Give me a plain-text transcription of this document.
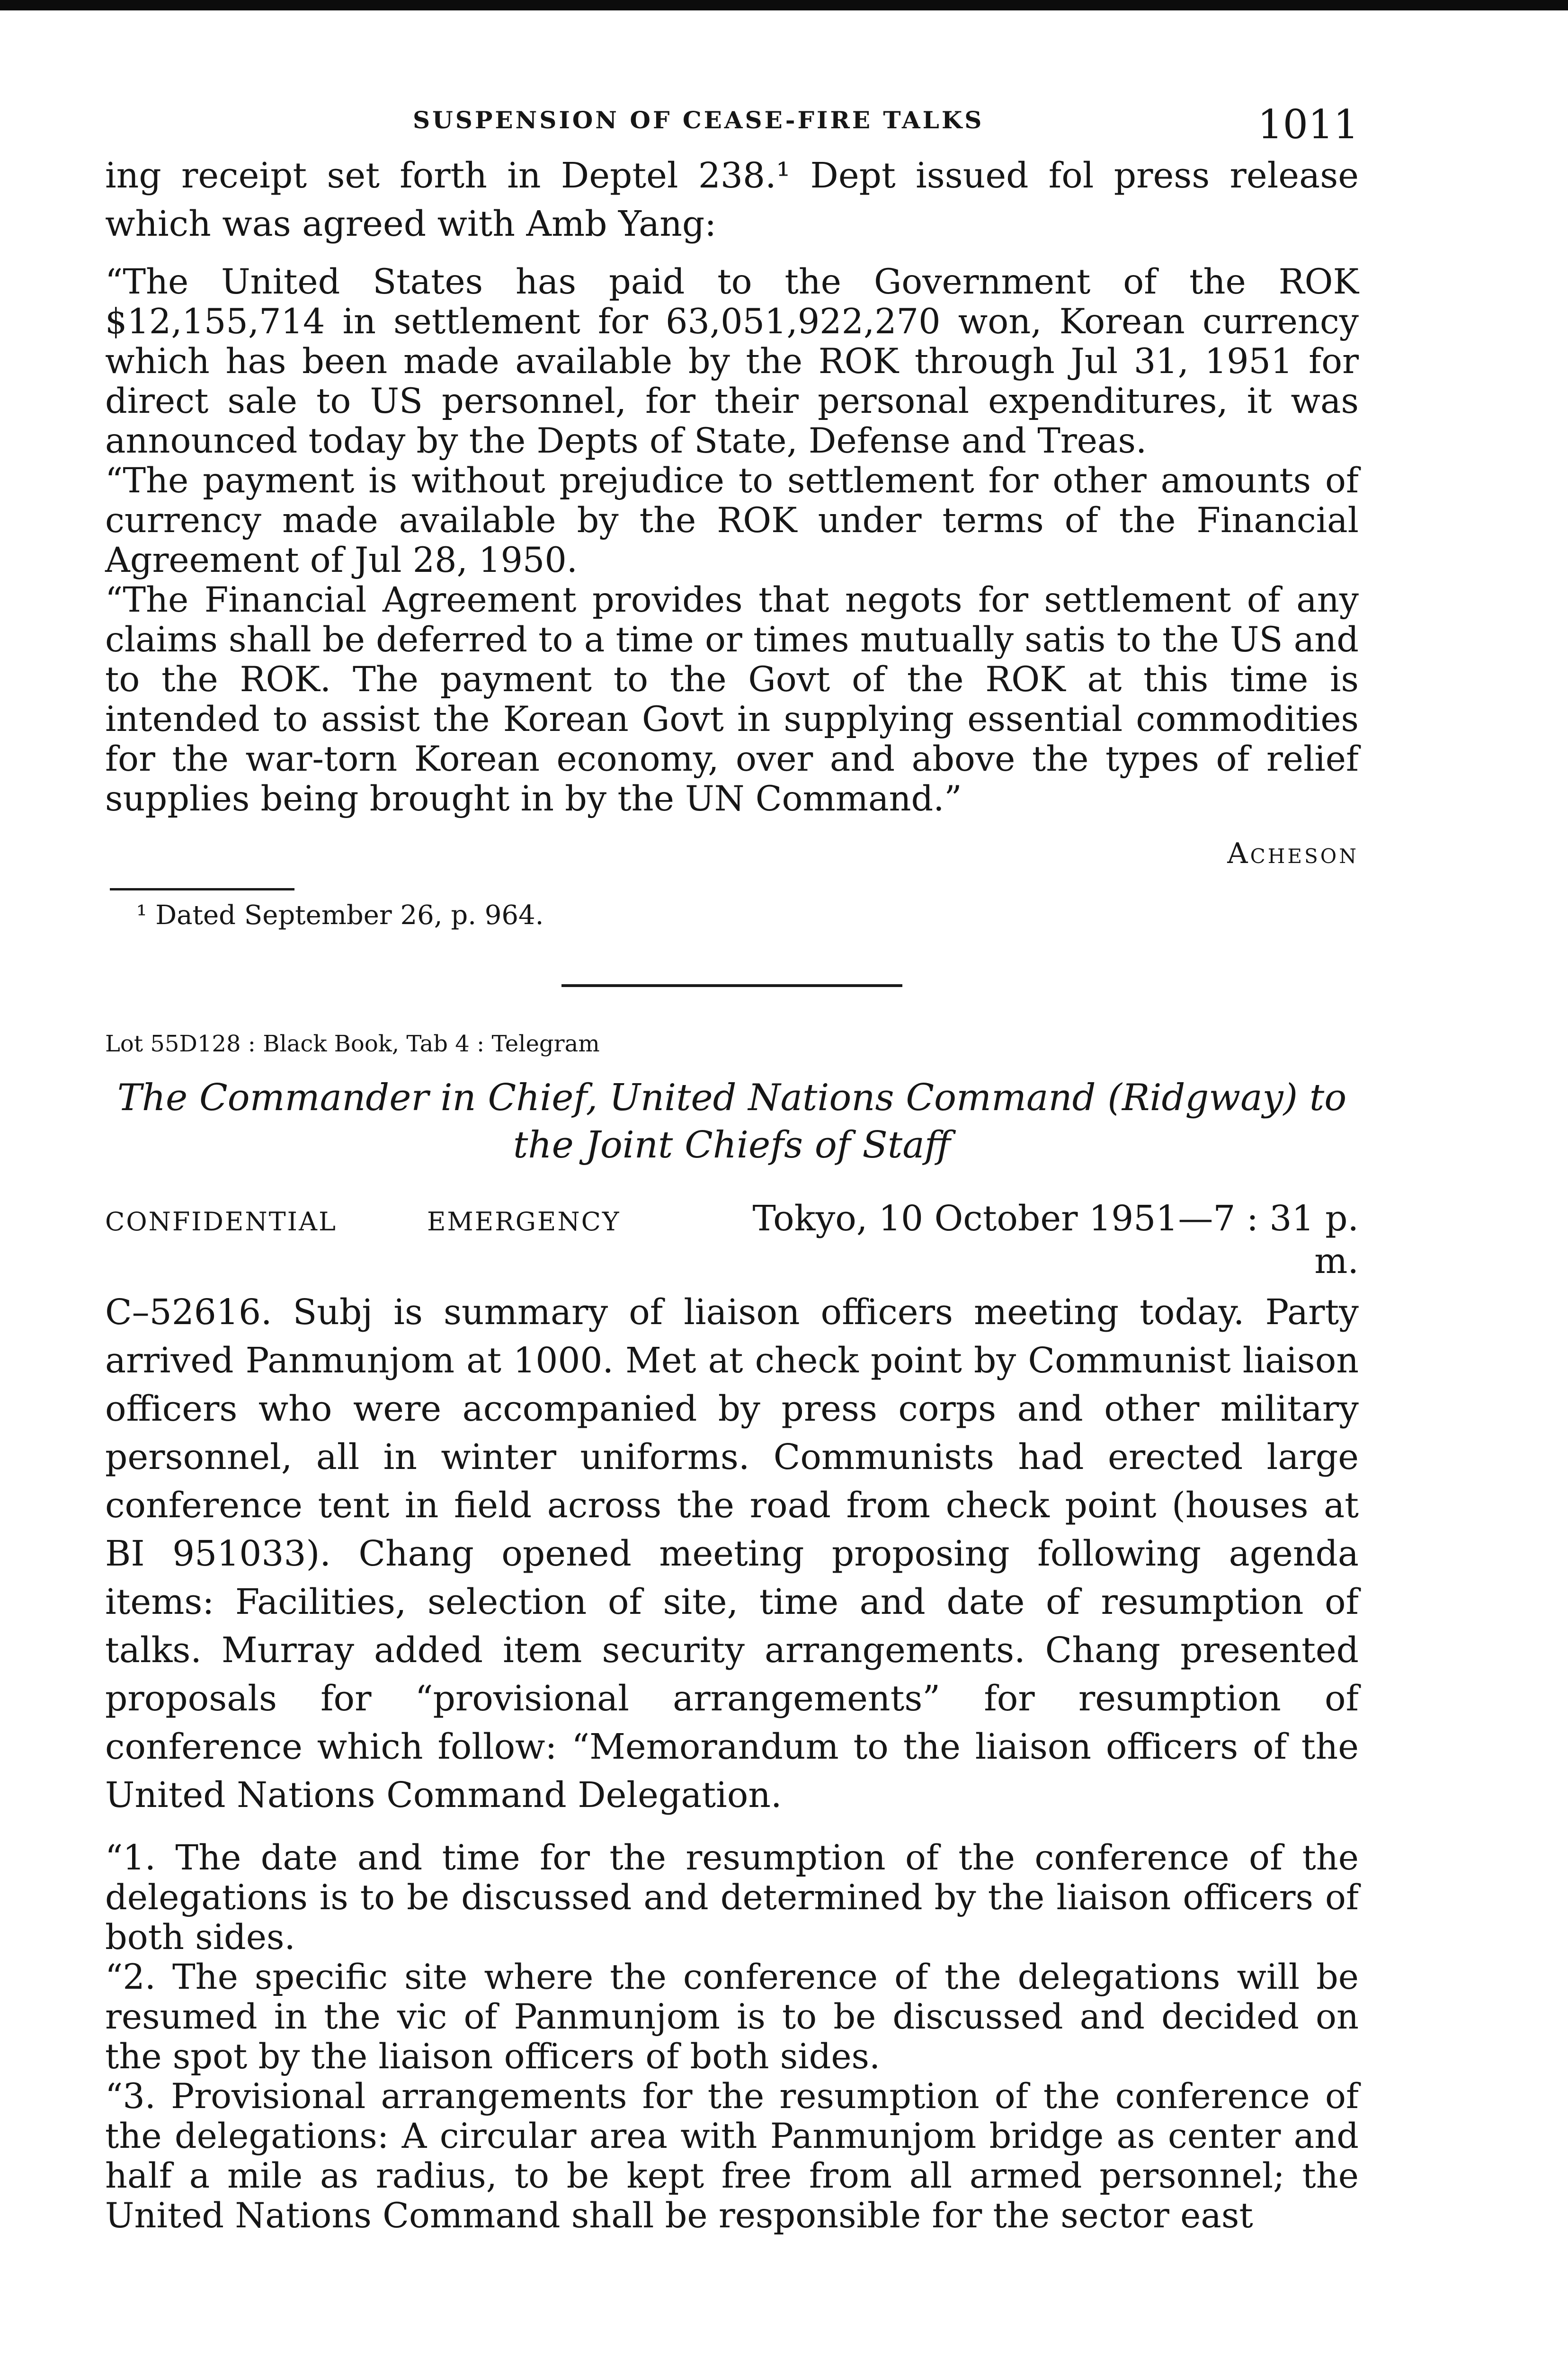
SUSPENSION OF CEASE-FIRE TALKS	1011

ing receipt set forth in Deptel 238.¹ Dept issued fol press release which was agreed with Amb Yang:

“The United States has paid to the Government of the ROK $12,155,714 in settlement for 63,051,922,270 won, Korean currency which has been made available by the ROK through Jul 31, 1951 for direct sale to US personnel, for their personal expenditures, it was announced today by the Depts of State, Defense and Treas.

“The payment is without prejudice to settlement for other amounts of currency made available by the ROK under terms of the Financial Agreement of Jul 28, 1950.

“The Financial Agreement provides that negots for settlement of any claims shall be deferred to a time or times mutually satis to the US and to the ROK. The payment to the Govt of the ROK at this time is intended to assist the Korean Govt in supplying essential commodities for the war-torn Korean economy, over and above the types of relief supplies being brought in by the UN Command.”

Acheson

¹ Dated September 26, p. 964.

Lot 55D128 : Black Book, Tab 4 : Telegram

The Commander in Chief, United Nations Command (Ridgway) to the Joint Chiefs of Staff

CONFIDENTIAL	EMERGENCY	Tokyo, 10 October 1951—7 : 31 p. m.

C–52616. Subj is summary of liaison officers meeting today. Party arrived Panmunjom at 1000. Met at check point by Communist liaison officers who were accompanied by press corps and other military personnel, all in winter uniforms. Communists had erected large conference tent in field across the road from check point (houses at BI 951033). Chang opened meeting proposing following agenda items: Facilities, selection of site, time and date of resumption of talks. Murray added item security arrangements. Chang presented proposals for “provisional arrangements” for resumption of conference which follow: “Memorandum to the liaison officers of the United Nations Command Delegation.

“1. The date and time for the resumption of the conference of the delegations is to be discussed and determined by the liaison officers of both sides.

“2. The specific site where the conference of the delegations will be resumed in the vic of Panmunjom is to be discussed and decided on the spot by the liaison officers of both sides.

“3. Provisional arrangements for the resumption of the conference of the delegations: A circular area with Panmunjom bridge as center and half a mile as radius, to be kept free from all armed personnel; the United Nations Command shall be responsible for the sector east
